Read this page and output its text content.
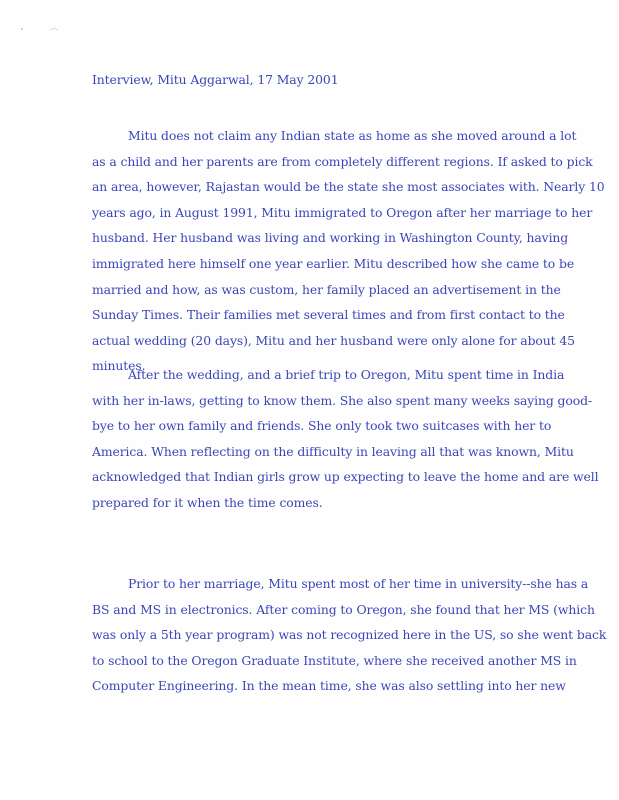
Interview, Mitu Aggarwal, 17 May 2001
Mitu does not claim any Indian state as home as she moved around a lot
as a child and her parents are from completely different regions. If asked to pick
an area, however, Rajastan would be the state she most associates with. Nearly 10
years ago, in August 1991, Mitu immigrated to Oregon after her marriage to her
husband. Her husband was living and working in Washington County, having
immigrated here himself one year earlier. Mitu described how she came to be
married and how, as was custom, her family placed an advertisement in the
Sunday Times. Their families met several times and from first contact to the
actual wedding (20 days), Mitu and her husband were only alone for about 45
minutes.
After the wedding, and a brief trip to Oregon, Mitu spent time in India
with her in-laws, getting to know them. She also spent many weeks saying good-
bye to her own family and friends. She only took two suitcases with her to
America. When reflecting on the difficulty in leaving all that was known, Mitu
acknowledged that Indian girls grow up expecting to leave the home and are well
prepared for it when the time comes.
Prior to her marriage, Mitu spent most of her time in university--she has a
BS and MS in electronics. After coming to Oregon, she found that her MS (which
was only a 5th year program) was not recognized here in the US, so she went back
to school to the Oregon Graduate Institute, where she received another MS in
Computer Engineering. In the mean time, she was also settling into her new
